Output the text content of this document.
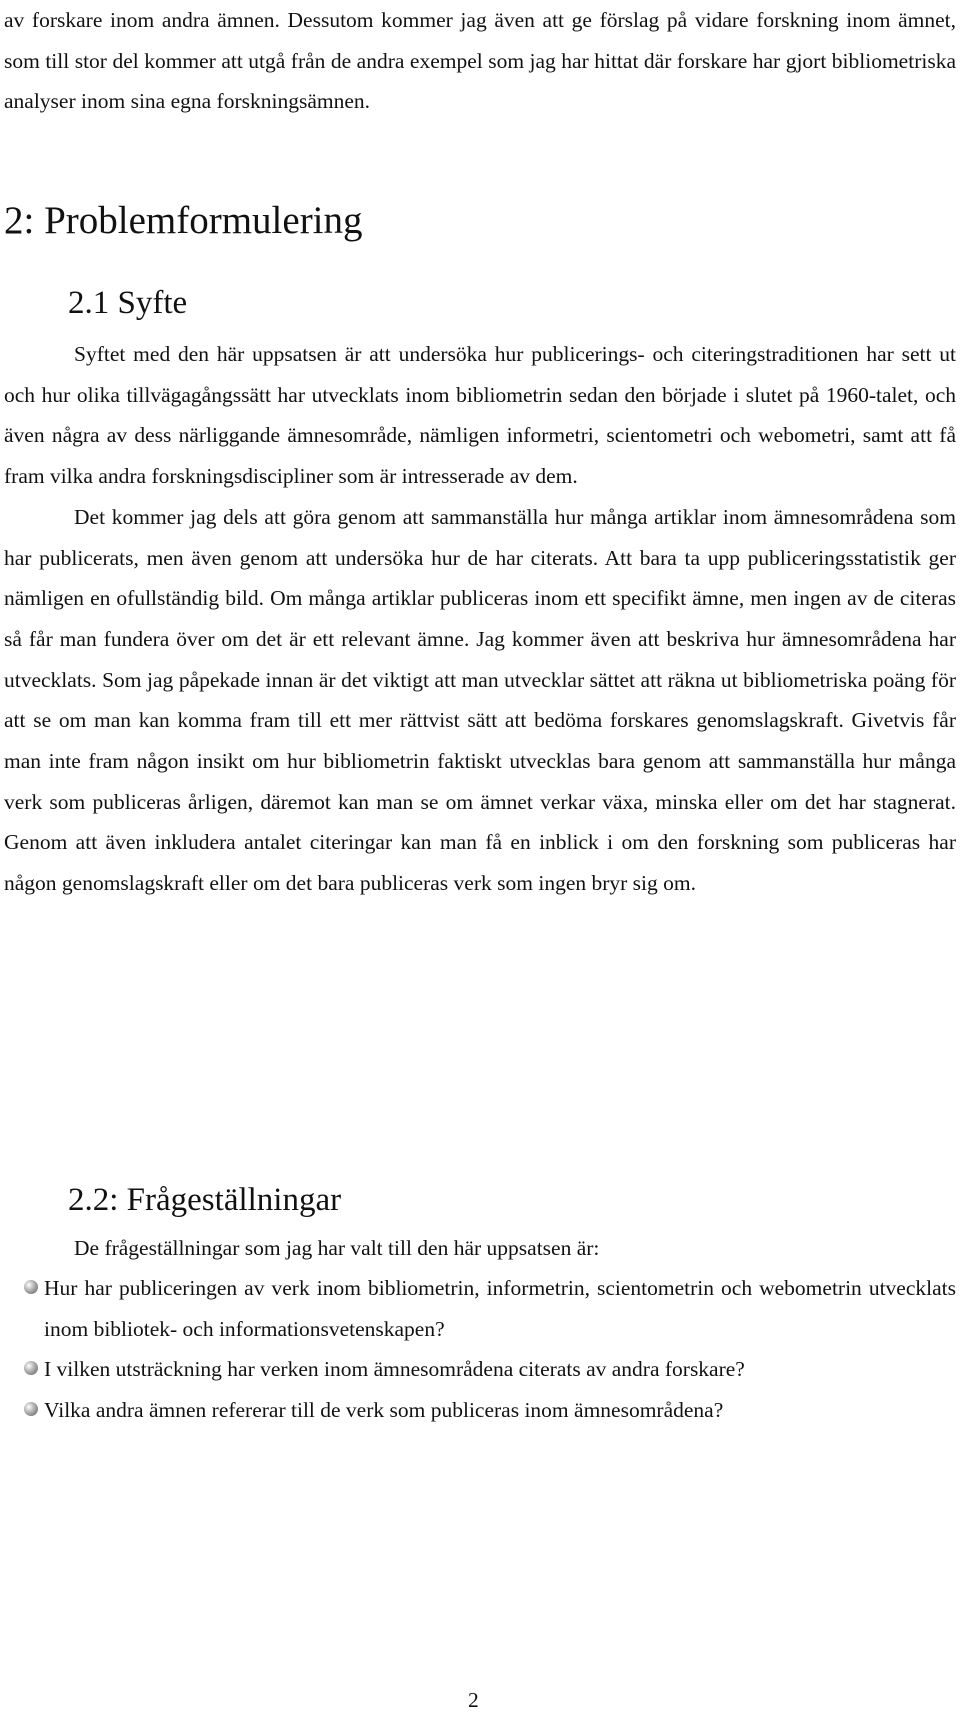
av forskare inom andra ämnen. Dessutom kommer jag även att ge förslag på vidare forskning inom ämnet, som till stor del kommer att utgå från de andra exempel som jag har hittat där forskare har gjort bibliometriska analyser inom sina egna forskningsämnen.

2: Problemformulering
2.1 Syfte

Syftet med den här uppsatsen är att undersöka hur publicerings- och citeringstraditionen har sett ut och hur olika tillvägagångssätt har utvecklats inom bibliometrin sedan den började i slutet på 1960-talet, och även några av dess närliggande ämnesområde, nämligen informetri, scientometri och webometri, samt att få fram vilka andra forskningsdiscipliner som är intresserade av dem.

Det kommer jag dels att göra genom att sammanställa hur många artiklar inom ämnesområdena som har publicerats, men även genom att undersöka hur de har citerats. Att bara ta upp publiceringsstatistik ger nämligen en ofullständig bild. Om många artiklar publiceras inom ett specifikt ämne, men ingen av de citeras så får man fundera över om det är ett relevant ämne. Jag kommer även att beskriva hur ämnesområdena har utvecklats. Som jag påpekade innan är det viktigt att man utvecklar sättet att räkna ut bibliometriska poäng för att se om man kan komma fram till ett mer rättvist sätt att bedöma forskares genomslagskraft. Givetvis får man inte fram någon insikt om hur bibliometrin faktiskt utvecklas bara genom att sammanställa hur många verk som publiceras årligen, däremot kan man se om ämnet verkar växa, minska eller om det har stagnerat. Genom att även inkludera antalet citeringar kan man få en inblick i om den forskning som publiceras har någon genomslagskraft eller om det bara publiceras verk som ingen bryr sig om.

2.2: Frågeställningar

De frågeställningar som jag har valt till den här uppsatsen är:

Hur har publiceringen av verk inom bibliometrin, informetrin, scientometrin och webometrin utvecklats inom bibliotek- och informationsvetenskapen?
I vilken utsträckning har verken inom ämnesområdena citerats av andra forskare?
Vilka andra ämnen refererar till de verk som publiceras inom ämnesområdena?
2
